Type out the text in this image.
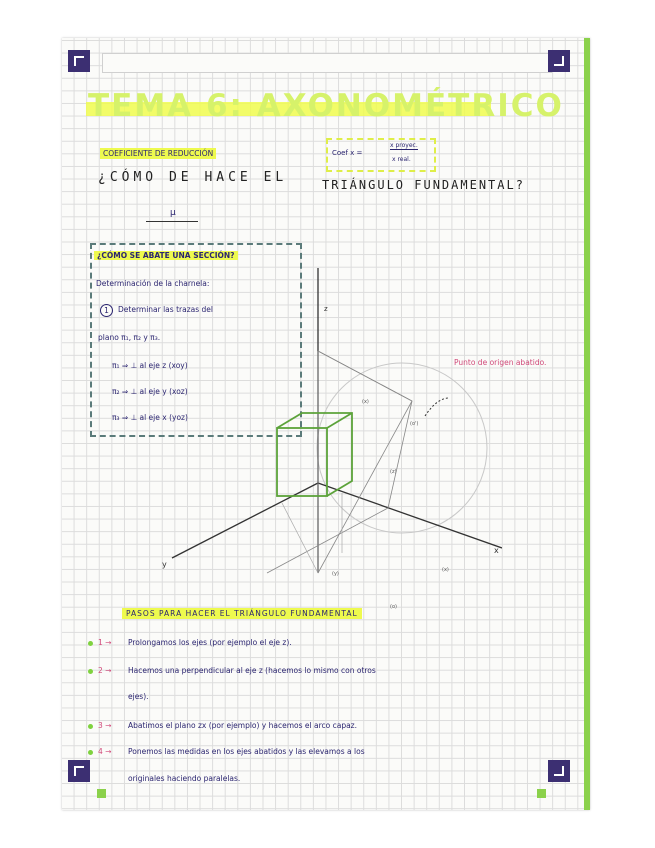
TEMA 6: AXONOMÉTRICO
COEFICIENTE DE REDUCCIÓN	Coef x =
x proyec.
x real.
¿CÓMO DE HACE EL	TRIÁNGULO FUNDAMENTAL?
μ
¿CÓMO SE ABATE UNA SECCIÓN?
Determinación de la charnela:
1	Determinar las trazas del
plano π₁, π₂ y π₃.
π₁ ⇒ ⊥ al eje z (xoy)
π₂ ⇒ ⊥ al eje y (xoz)
π₃ ⇒ ⊥ al eje x (yoz)
z
y
x
(x)
(o')
(z)
(y)
(x)
(o)
Punto de origen abatido.
PASOS PARA HACER EL TRIÁNGULO FUNDAMENTAL
1 → Prolongamos los ejes (por ejemplo el eje z).
2 → Hacemos una perpendicular al eje z (hacemos lo mismo con otros
ejes).
3 → Abatimos el plano zx (por ejemplo) y hacemos el arco capaz.
4 → Ponemos las medidas en los ejes abatidos y las elevamos a los
originales haciendo paralelas.
